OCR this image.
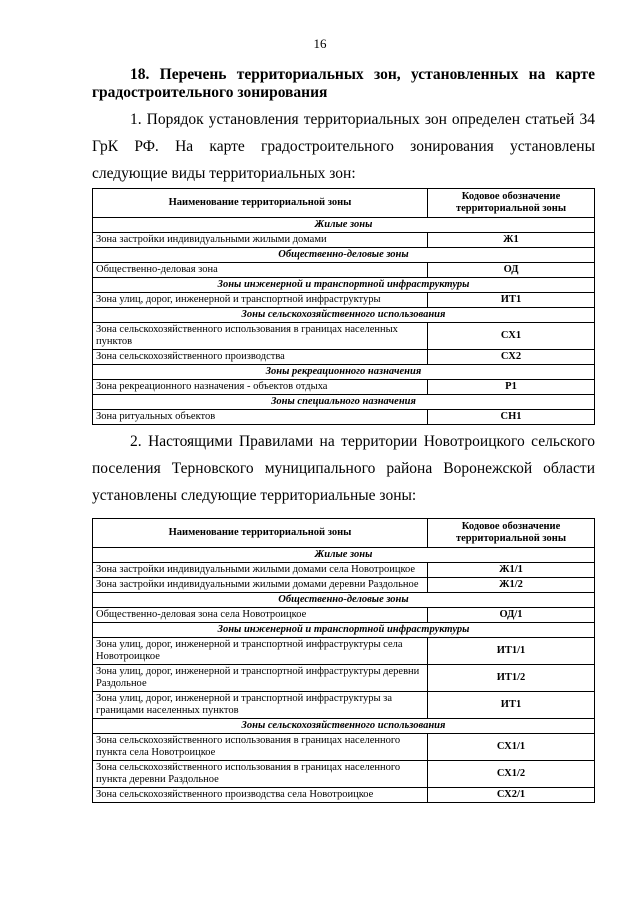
16
18. Перечень территориальных зон, установленных на карте градостроительного зонирования
1. Порядок установления территориальных зон определен статьей 34 ГрК РФ. На карте градостроительного зонирования установлены следующие виды территориальных зон:
Наименование территориальной зоны	Кодовое обозначение территориальной зоны
Жилые зоны	
Зона застройки индивидуальными жилыми домами	Ж1
Общественно-деловые зоны	
Общественно-деловая зона	ОД
Зоны инженерной и транспортной инфраструктуры	
Зона улиц, дорог, инженерной и транспортной инфраструктуры	ИТ1
Зоны сельскохозяйственного использования	
Зона сельскохозяйственного использования в границах населенных пунктов	СХ1
Зона сельскохозяйственного производства	СХ2
Зоны рекреационного назначения	
Зона рекреационного назначения - объектов отдыха	Р1
Зоны специального назначения	
Зона ритуальных объектов	СН1
2. Настоящими Правилами на территории Новотроицкого сельского поселения Терновского муниципального района Воронежской области установлены следующие территориальные зоны:
Наименование территориальной зоны	Кодовое обозначение территориальной зоны
Жилые зоны	
Зона застройки индивидуальными жилыми домами села Новотроицкое	Ж1/1
Зона застройки индивидуальными жилыми домами деревни Раздольное	Ж1/2
Общественно-деловые зоны	
Общественно-деловая зона села Новотроицкое	ОД/1
Зоны инженерной и транспортной инфраструктуры	
Зона улиц, дорог, инженерной и транспортной инфраструктуры села Новотроицкое	ИТ1/1
Зона улиц, дорог, инженерной и транспортной инфраструктуры деревни Раздольное	ИТ1/2
Зона улиц, дорог, инженерной и транспортной инфраструктуры за границами населенных пунктов	ИТ1
Зоны сельскохозяйственного использования	
Зона сельскохозяйственного использования в границах населенного пункта села Новотроицкое	СХ1/1
Зона сельскохозяйственного использования в границах населенного пункта деревни Раздольное	СХ1/2
Зона сельскохозяйственного производства села Новотроицкое	СХ2/1
